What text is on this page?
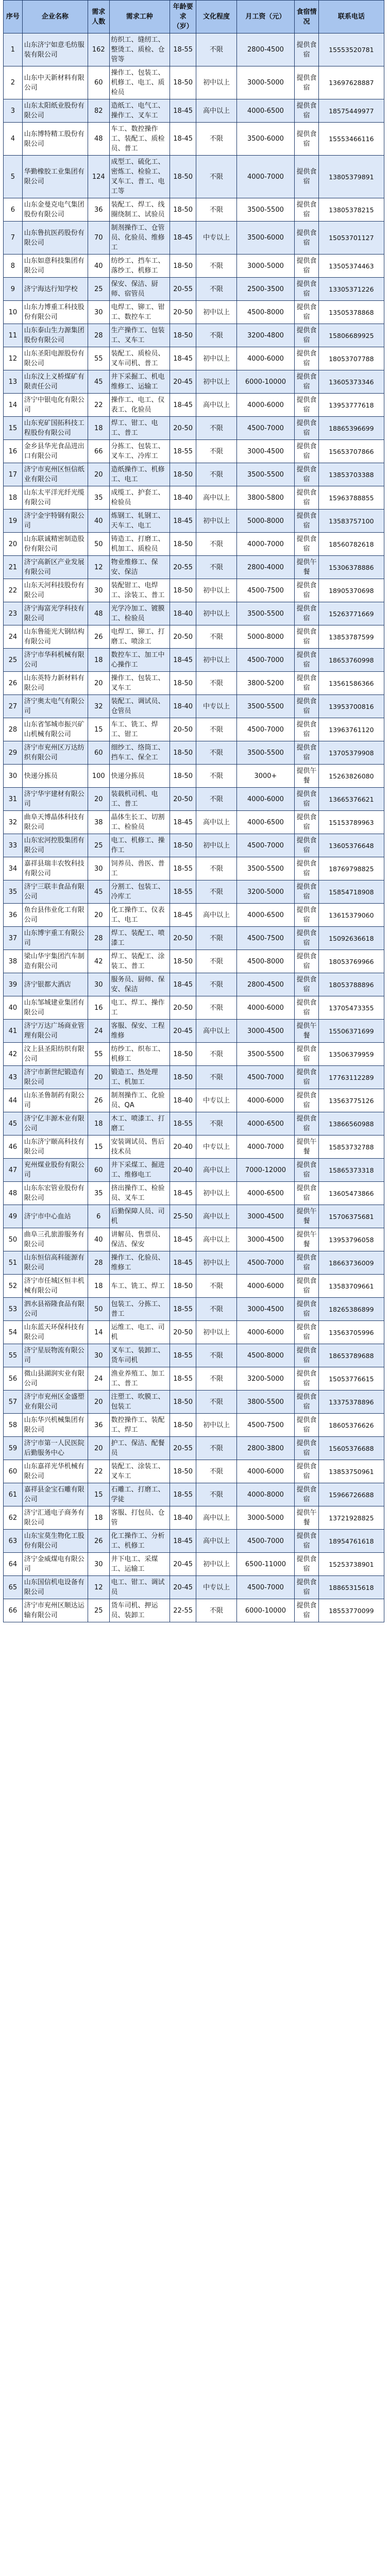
序号	企业名称	需求人数	需求工种	年龄要求（岁）	文化程度	月工资（元）	食宿情况	联系电话
1	山东济宁如意毛纺服装有限公司	162	纺织工、缝纫工、整烫工、质检、仓管等	18-55	不限	2800-4500	提供食宿	15553520781
2	山东中天新材料有限公司	60	操作工、包装工、机修工、电工、质检员	18-50	初中以上	3000-5000	提供食宿	13697628887
3	山东太阳纸业股份有限公司	82	造纸工、电气工、操作工、叉车工	18-45	高中以上	4000-6500	提供食宿	18575449977
4	山东博特精工股份有限公司	48	车工、数控操作工、装配工、质检员、普工	18-45	不限	3500-6000	提供食宿	15553466116
5	华勤橡胶工业集团有限公司	124	成型工、硫化工、密炼工、检验工、叉车工、普工、电工等	18-50	不限	4000-7000	提供食宿	13805379891
6	山东金曼克电气集团股份有限公司	36	装配工、焊工、线圈绕制工、试验员	18-50	不限	3500-5500	提供食宿	13805378215
7	山东鲁抗医药股份有限公司	70	制剂操作工、仓管员、化验员、维修工	18-45	中专以上	3500-6000	提供食宿	15053701127
8	山东如意科技集团有限公司	40	纺纱工、挡车工、落纱工、机修工	18-50	不限	3000-5000	提供食宿	13505374463
9	济宁海达行知学校	25	保安、保洁、厨师、宿管员	20-55	不限	2500-3500	提供食宿	13305371226
10	山东力博重工科技股份有限公司	30	电焊工、铆工、钳工、数控车工	20-50	初中以上	4500-8000	提供食宿	13505378868
11	山东泰山生力源集团股份有限公司	28	生产操作工、包装工、叉车工	18-50	不限	3200-4800	提供食宿	15806689925
12	山东圣阳电源股份有限公司	55	装配工、质检员、叉车司机、普工	18-45	初中以上	4000-6000	提供食宿	18053707788
13	山东汶上义桥煤矿有限责任公司	45	井下采掘工、机电维修工、运输工	20-45	初中以上	6000-10000	提供食宿	13605373346
14	济宁中银电化有限公司	22	操作工、电工、仪表工、化验员	18-45	高中以上	4000-6000	提供食宿	13953777618
15	山东兖矿国拓科技工程股份有限公司	18	焊工、钳工、电工、普工	20-50	不限	4500-7000	提供食宿	18865396699
16	金乡县华光食品进出口有限公司	66	分拣工、包装工、叉车工、冷库工	18-55	不限	3000-4500	提供食宿	15653707866
17	济宁市兖州区恒信纸业有限公司	20	造纸操作工、机修工、电工	18-50	不限	3500-5500	提供食宿	13853703388
18	山东太平洋光纤光缆有限公司	35	成缆工、护套工、检验员	18-40	高中以上	3800-5800	提供食宿	15963788855
19	济宁金宇特钢有限公司	40	炼钢工、轧钢工、天车工、电工	18-45	初中以上	5000-8000	提供食宿	13583757100
20	山东联诚精密制造股份有限公司	50	铸造工、打磨工、机加工、质检员	18-50	不限	4000-7000	提供食宿	18560782618
21	济宁高新区产业发展有限公司	12	物业维修工、保安、保洁	20-55	不限	2800-4000	提供午餐	15306378886
22	山东天河科技股份有限公司	30	装配钳工、电焊工、涂装工、普工	18-50	初中以上	4500-7500	提供食宿	18905370698
23	济宁海富光学科技有限公司	48	光学冷加工、镀膜工、检验员	18-40	初中以上	3500-5500	提供食宿	15263771669
24	山东鲁能光大钢结构有限公司	26	电焊工、铆工、打磨工、喷涂工	20-50	不限	5000-8000	提供食宿	13853787599
25	济宁市华科机械有限公司	18	数控车工、加工中心操作工	18-45	初中以上	4500-7000	提供食宿	18653760998
26	山东英特力新材料有限公司	20	操作工、包装工、叉车工	18-50	不限	3800-5200	提供食宿	13561586366
27	济宁奥太电气有限公司	32	装配工、调试员、仓管员	18-40	中专以上	3500-5500	提供食宿	13953700816
28	山东省邹城市振兴矿山机械有限公司	15	车工、铣工、焊工、钳工	20-50	不限	4500-7000	提供食宿	13963761120
29	济宁市兖州区万达纺织有限公司	60	细纱工、络筒工、挡车工、保全工	18-50	不限	3500-5500	提供食宿	13705379908
30	快递分拣员	100	快递分拣员	18-50	不限	3000+	提供午餐	15263826080
31	济宁华宇建材有限公司	20	装载机司机、电工、普工	20-50	不限	4000-6000	提供食宿	13665376621
32	曲阜天博晶体科技有限公司	38	晶体生长工、切割工、检验员	18-45	高中以上	4000-6500	提供食宿	15153789963
33	山东宏河控股集团有限公司	25	电工、机修工、操作工	18-50	初中以上	4500-7000	提供食宿	13605376648
34	嘉祥县瑞丰农牧科技有限公司	30	饲养员、兽医、普工	18-55	不限	3500-5500	提供食宿	18769798825
35	济宁三联丰食品有限公司	45	分割工、包装工、冷库工	18-55	不限	3200-5000	提供食宿	15854718908
36	鱼台县伟业化工有限公司	20	化工操作工、仪表工、电工	18-45	高中以上	4000-6500	提供食宿	13615379060
37	山东博宇重工有限公司	28	焊工、装配工、喷漆工	20-50	不限	4500-7500	提供食宿	15092636618
38	梁山华宇集团汽车制造有限公司	42	焊工、装配工、涂装工、普工	18-50	不限	4500-8000	提供食宿	18053769966
39	济宁银都大酒店	30	服务员、厨师、保安、保洁	18-45	不限	2800-4500	提供食宿	18053788896
40	山东邹城建业集团有限公司	16	电工、焊工、操作工	20-50	不限	4000-6000	提供食宿	13705473355
41	济宁万达广场商业管理有限公司	24	客服、保安、工程维修	20-45	高中以上	3000-4500	提供午餐	15506371699
42	汶上县圣阳纺织有限公司	55	纺纱工、织布工、机修工	18-50	不限	3500-5500	提供食宿	13506379959
43	济宁市新世纪锻造有限公司	20	锻造工、热处理工、机加工	18-50	不限	4500-7000	提供食宿	17763112289
44	山东圣鲁制药有限公司	26	制剂操作工、化验员、QA	18-40	中专以上	4000-6000	提供食宿	13563775126
45	济宁亿丰源木业有限公司	18	木工、喷漆工、打磨工	18-55	不限	4000-6500	提供食宿	13866560988
46	山东济宁颐高科技有限公司	15	安装调试员、售后技术员	20-40	中专以上	4000-7000	提供午餐	15853732788
47	兖州煤业股份有限公司	60	井下采煤工、掘进工、维修电工	20-40	高中以上	7000-12000	提供食宿	15865373318
48	山东东宏管业股份有限公司	35	挤出操作工、检验员、叉车工	18-45	初中以上	4000-6500	提供食宿	13605473866
49	济宁市中心血站	6	后勤保障人员、司机	25-50	高中以上	3000-4500	提供午餐	15706375681
50	曲阜三孔旅游服务有限公司	40	讲解员、售票员、保洁、保安	18-45	高中以上	3000-4500	提供午餐	13953796058
51	山东恒信高科能源有限公司	28	操作工、化验员、维修工	18-45	初中以上	4500-7000	提供食宿	18663736009
52	济宁市任城区恒丰机械有限公司	18	车工、铣工、焊工	18-50	不限	4000-6000	提供食宿	13583709661
53	泗水县裕隆食品有限公司	50	包装工、分拣工、普工	18-55	不限	3000-4500	提供食宿	18265386899
54	山东蓝天环保科技有限公司	14	运维工、电工、司机	20-50	初中以上	4000-6000	提供食宿	13563705996
55	济宁星辰物流有限公司	30	叉车工、装卸工、货车司机	18-55	不限	4500-8000	提供食宿	18653789688
56	微山县湖润实业有限公司	24	渔业养殖工、加工工、普工	18-55	不限	3200-5000	提供食宿	15053776615
57	济宁市兖州区金盛塑业有限公司	20	注塑工、吹膜工、包装工	18-50	不限	3800-5500	提供食宿	13375378896
58	山东华兴机械集团有限公司	36	数控操作工、装配工、焊工	18-50	初中以上	4500-7500	提供食宿	18605376626
59	济宁市第一人民医院后勤服务中心	20	护工、保洁、配餐员	20-55	不限	2800-3800	提供食宿	15605376688
60	山东嘉祥光华机械有限公司	22	装配工、涂装工、叉车工	18-50	不限	4000-6000	提供食宿	13853750961
61	嘉祥县金宝石雕有限公司	15	石雕工、打磨工、学徒	18-55	不限	4000-8000	提供食宿	15966726688
62	济宁汇通电子商务有限公司	18	客服、打包员、仓管	18-40	高中以上	3000-5000	提供午餐	13721928825
63	山东宝莫生物化工股份有限公司	26	化工操作工、分析工、机修工	18-45	高中以上	4500-7000	提供食宿	18954761618
64	济宁金威煤电有限公司	30	井下电工、采煤工、运输工	20-45	初中以上	6500-11000	提供食宿	15253738901
65	山东国信机电设备有限公司	12	电工、钳工、调试员	20-45	中专以上	4500-7000	提供食宿	18865315618
66	济宁市兖州区顺达运输有限公司	25	货车司机、押运员、装卸工	22-55	不限	6000-10000	提供食宿	18553770099
